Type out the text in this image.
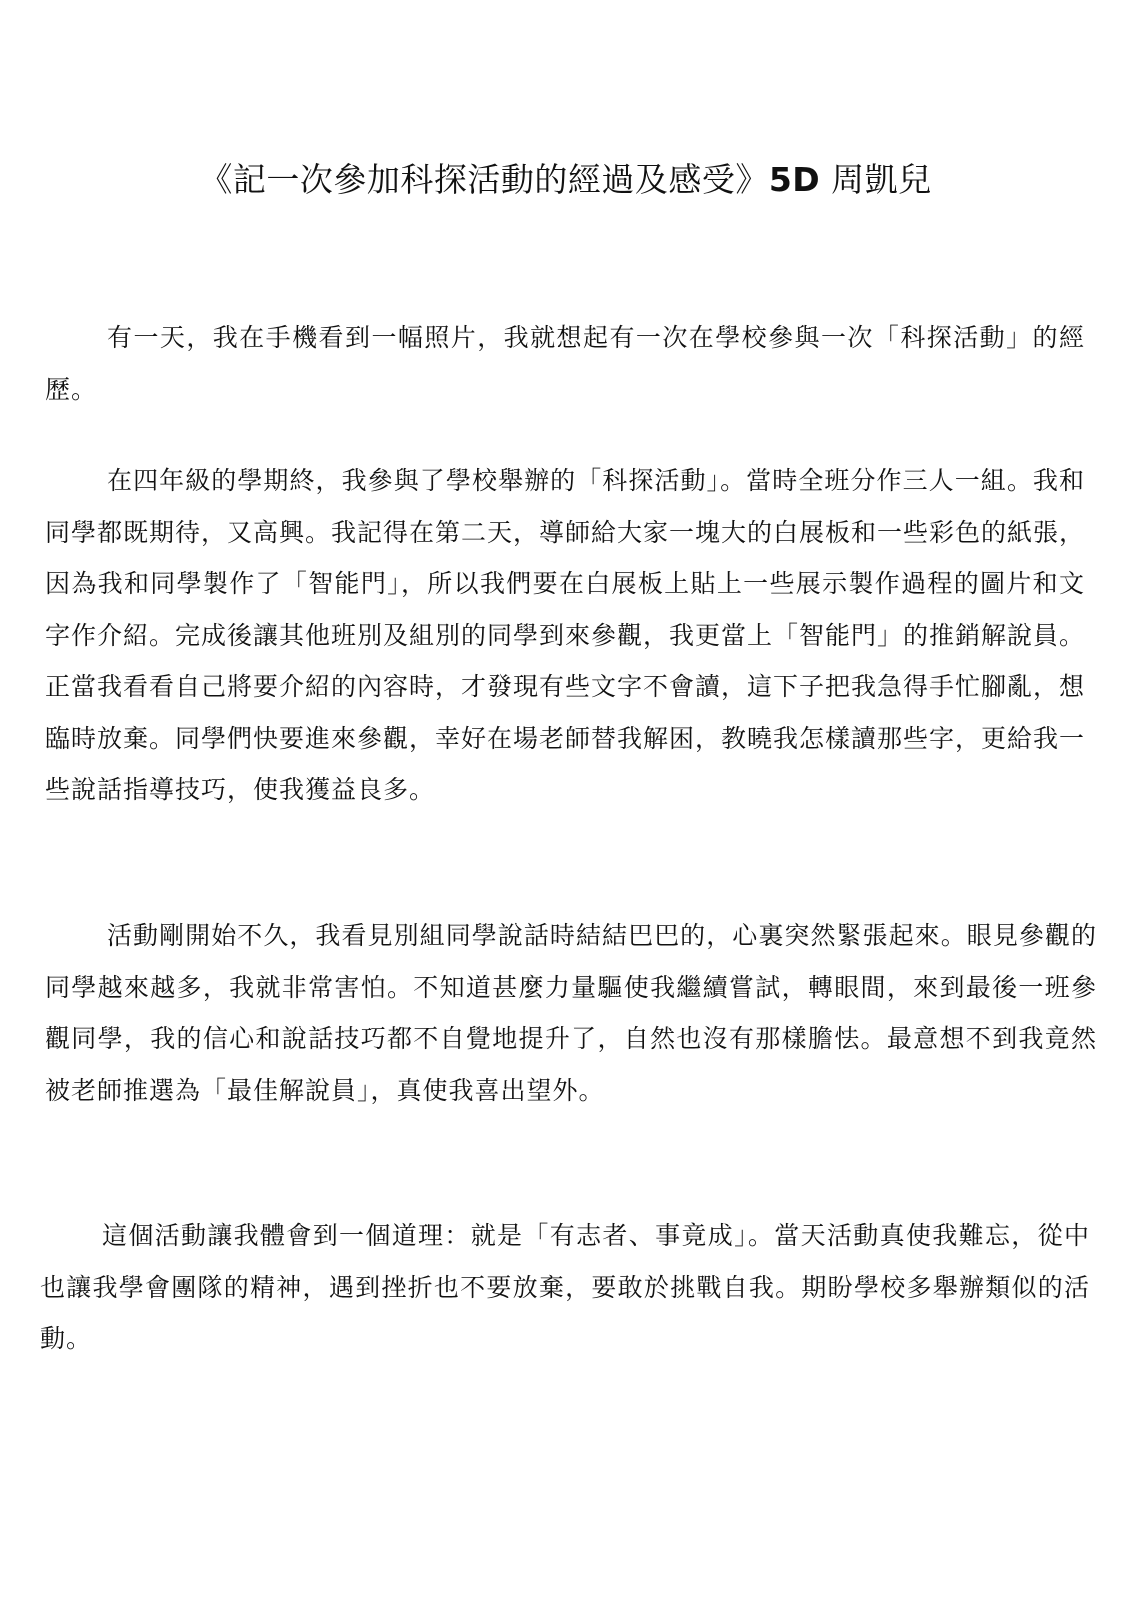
《記一次參加科探活動的經過及感受》5D 周凱兒

有一天，我在手機看到一幅照片，我就想起有一次在學校參與一次「科探活動」的經歷。

在四年級的學期終，我參與了學校舉辦的「科探活動」。當時全班分作三人一組。我和同學都既期待，又高興。我記得在第二天，導師給大家一塊大的白展板和一些彩色的紙張，因為我和同學製作了「智能門」，所以我們要在白展板上貼上一些展示製作過程的圖片和文字作介紹。完成後讓其他班別及組別的同學到來參觀，我更當上「智能門」的推銷解說員。正當我看看自己將要介紹的內容時，才發現有些文字不會讀，這下子把我急得手忙腳亂，想臨時放棄。同學們快要進來參觀，幸好在場老師替我解困，教曉我怎樣讀那些字，更給我一些說話指導技巧，使我獲益良多。

活動剛開始不久，我看見別組同學說話時結結巴巴的，心裏突然緊張起來。眼見參觀的同學越來越多，我就非常害怕。不知道甚麼力量驅使我繼續嘗試，轉眼間，來到最後一班參觀同學，我的信心和說話技巧都不自覺地提升了，自然也沒有那樣膽怯。最意想不到我竟然被老師推選為「最佳解說員」，真使我喜出望外。

這個活動讓我體會到一個道理：就是「有志者、事竟成」。當天活動真使我難忘，從中也讓我學會團隊的精神，遇到挫折也不要放棄，要敢於挑戰自我。期盼學校多舉辦類似的活動。
